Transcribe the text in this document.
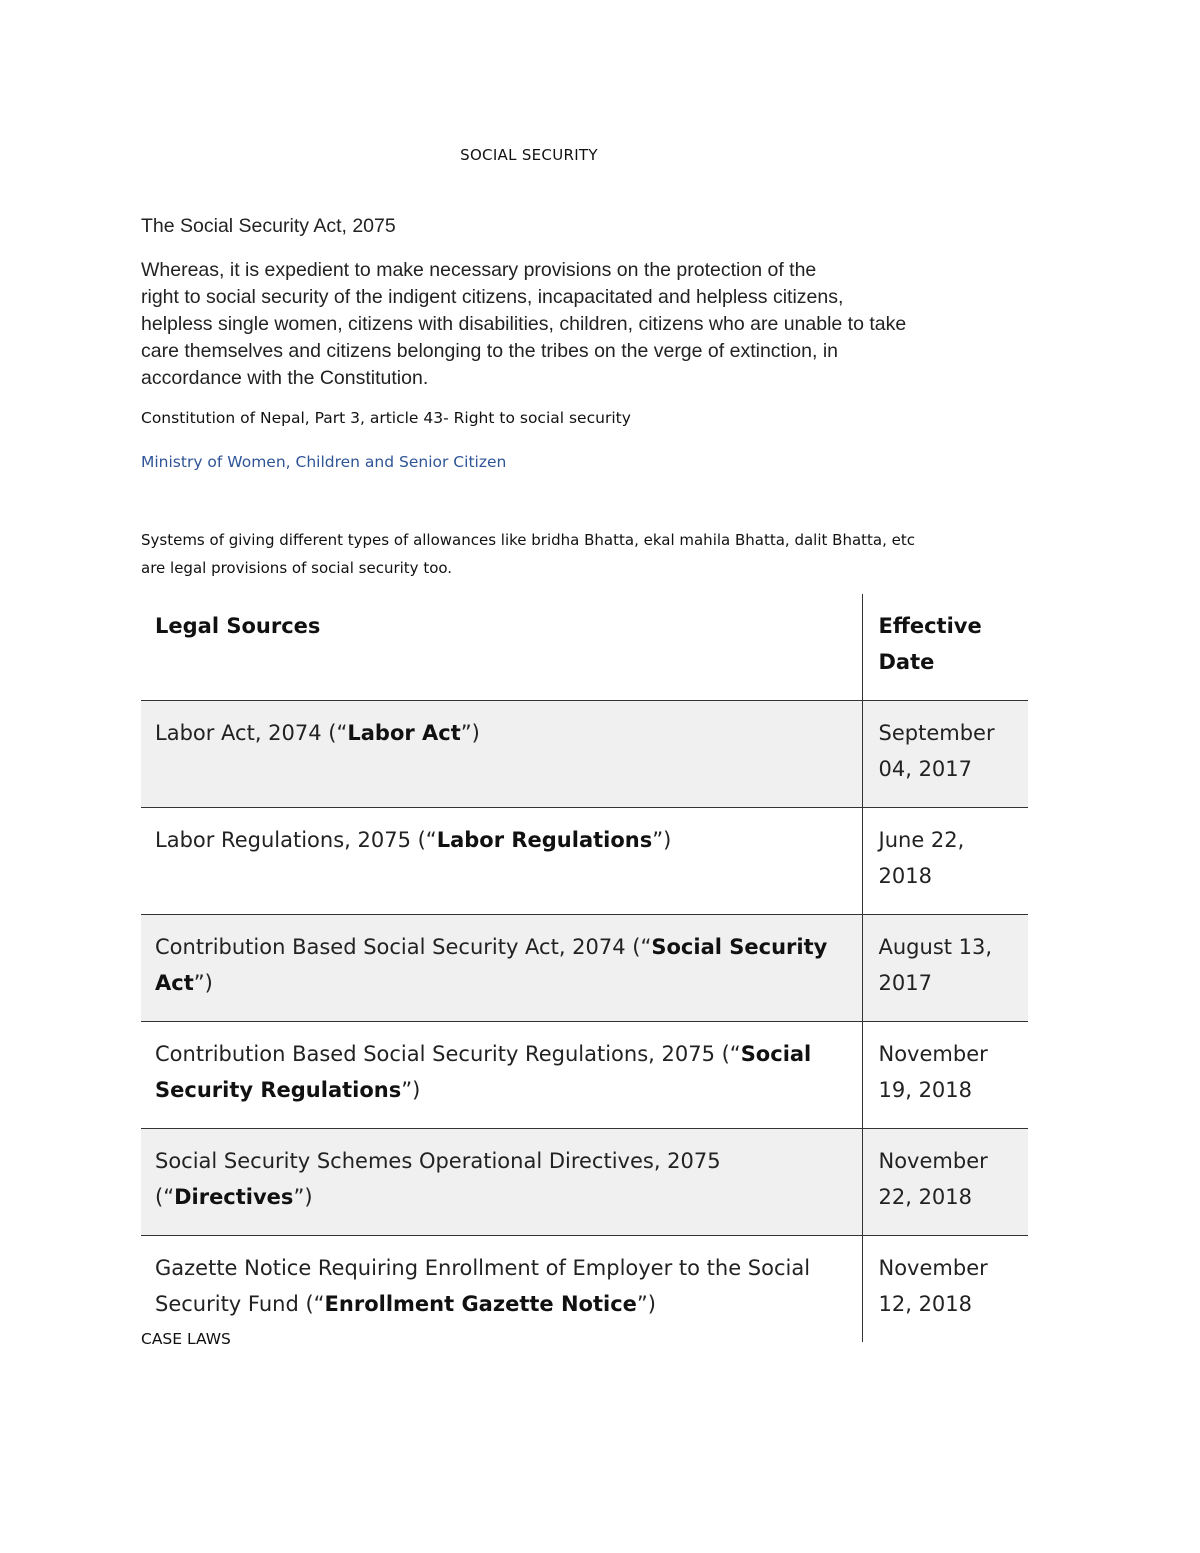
SOCIAL SECURITY
The Social Security Act, 2075
Whereas, it is expedient to make necessary provisions on the protection of the
right to social security of the indigent citizens, incapacitated and helpless citizens,
helpless single women, citizens with disabilities, children, citizens who are unable to take
care themselves and citizens belonging to the tribes on the verge of extinction, in
accordance with the Constitution.
Constitution of Nepal, Part 3, article 43- Right to social security
Ministry of Women, Children and Senior Citizen
Systems of giving different types of allowances like bridha Bhatta, ekal mahila Bhatta, dalit Bhatta, etc
are legal provisions of social security too.
Legal Sources	Effective
Date
Labor Act, 2074 (“Labor Act”)	September
04, 2017
Labor Regulations, 2075 (“Labor Regulations”)	June 22,
2018
Contribution Based Social Security Act, 2074 (“Social Security Act”)	August 13,
2017
Contribution Based Social Security Regulations, 2075 (“Social Security Regulations”)	November
19, 2018
Social Security Schemes Operational Directives, 2075 (“Directives”)	November
22, 2018
Gazette Notice Requiring Enrollment of Employer to the Social Security Fund (“Enrollment Gazette Notice”)	November
12, 2018
CASE LAWS
